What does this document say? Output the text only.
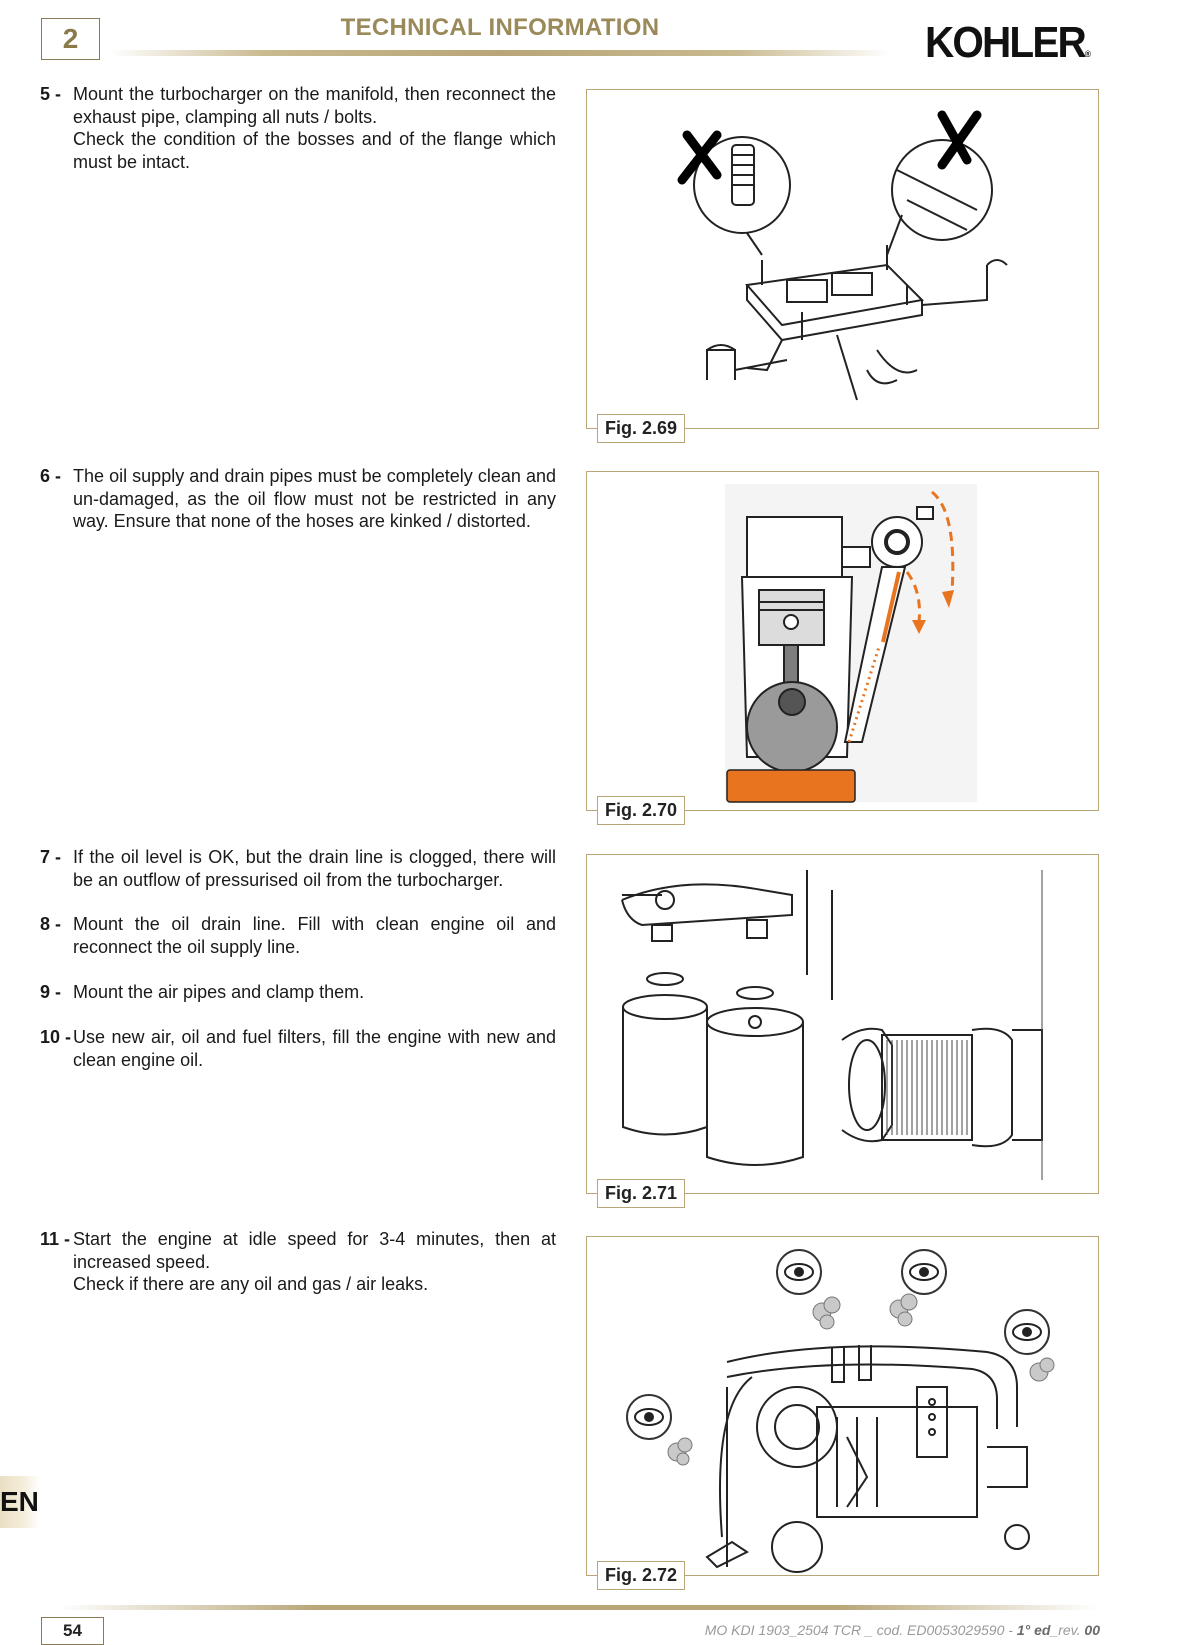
2	TECHNICAL INFORMATION	KOHLER®
5 - Mount the turbocharger on the manifold, then reconnect the exhaust pipe, clamping all nuts / bolts.

Check the condition of the bosses and of the flange which must be intact.

6 - The oil supply and drain pipes must be completely clean and un-damaged, as the oil flow must not be restricted in any way. Ensure that none of the hoses are kinked / distorted.

7 - If the oil level is OK, but the drain line is clogged, there will be an outflow of pressurised oil from the turbocharger.

8 - Mount the oil drain line. Fill with clean engine oil and reconnect the oil supply line.

9 - Mount the air pipes and clamp them.

10 - Use new air, oil and fuel filters, fill the engine with new and clean engine oil.

11 - Start the engine at idle speed for 3-4 minutes, then at increased speed.

Check if there are any oil and gas / air leaks.

Fig. 2.69
Fig. 2.70
Fig. 2.71
Fig. 2.72
EN
54	MO KDI 1903_2504 TCR _ cod. ED0053029590 - 1° ed_rev. 00
